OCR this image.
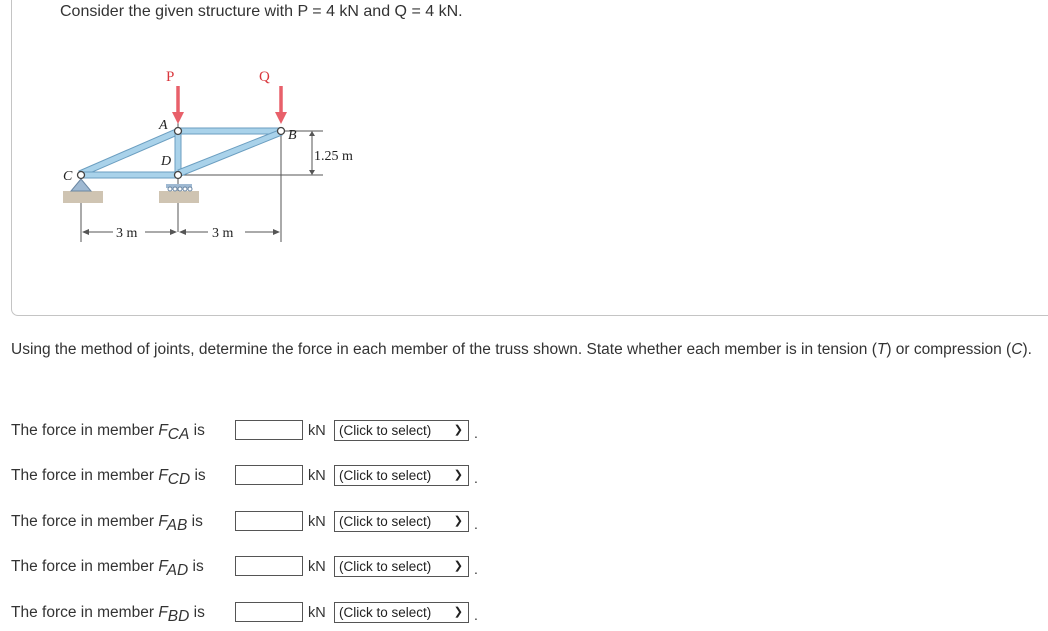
Consider the given structure with P = 4 kN and Q = 4 kN.
1.25 m
P	Q
A
B
C
D
3 m	3 m
Using the method of joints, determine the force in each member of the truss shown. State whether each member is in tension (T) or compression (C).
The force in member FCA is	kN (Click to select) ❯ .
The force in member FCD is	kN (Click to select) ❯ .
The force in member FAB is	kN (Click to select) ❯ .
The force in member FAD is	kN (Click to select) ❯ .
The force in member FBD is	kN (Click to select) ❯ .
